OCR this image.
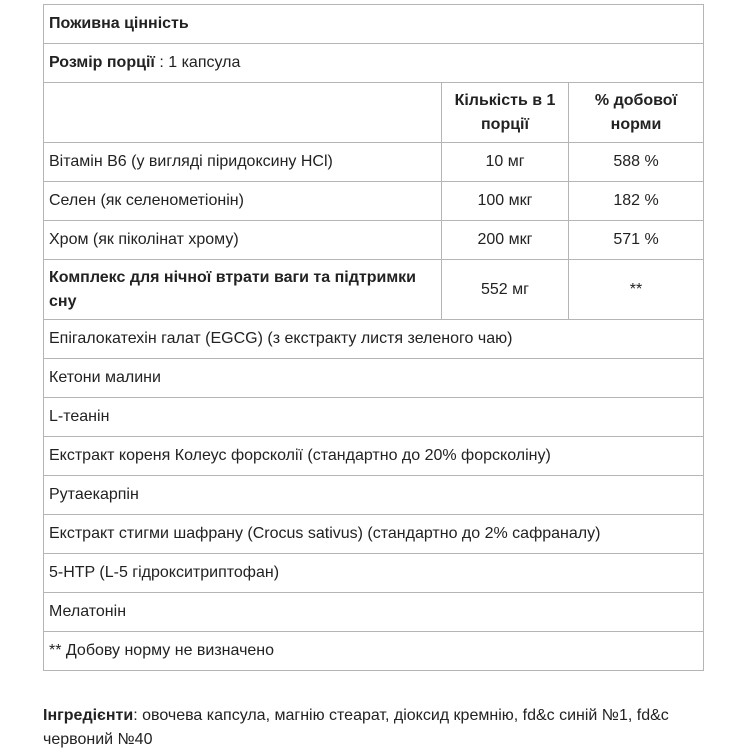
Поживна цінність		
Розмір порції : 1 капсула		
	Кількість в 1 порції	% добової норми
Вітамін B6 (у вигляді піридоксину HCl)	10 мг	588 %
Селен (як селенометіонін)	100 мкг	182 %
Хром (як піколінат хрому)	200 мкг	571 %
Комплекс для нічної втрати ваги та підтримки сну	552 мг	**
Епігалокатехін галат (EGCG) (з екстракту листя зеленого чаю)		
Кетони малини		
L-теанін		
Екстракт кореня Колеус форсколії (стандартно до 20% форсколіну)		
Рутаекарпін		
Екстракт стигми шафрану (Crocus sativus) (стандартно до 2% сафраналу)		
5-HTP (L-5 гідрокситриптофан)		
Мелатонін		
** Добову норму не визначено		
Інгредієнти: овочева капсула, магнію стеарат, діоксид кремнію, fd&c синій №1, fd&c червоний №40
